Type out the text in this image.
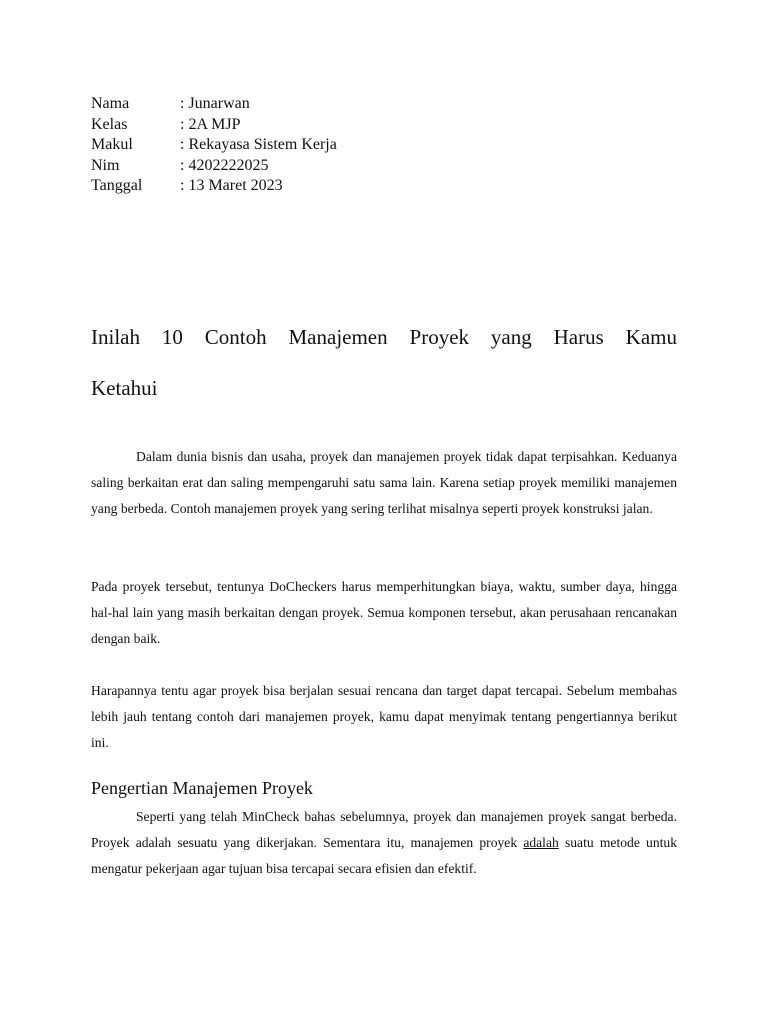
Nama	: Junarwan
Kelas	: 2A MJP
Makul	: Rekayasa Sistem Kerja
Nim	: 4202222025
Tanggal	: 13 Maret 2023
Inilah 10 Contoh Manajemen Proyek yang Harus Kamu Ketahui

Dalam dunia bisnis dan usaha, proyek dan manajemen proyek tidak dapat terpisahkan. Keduanya saling berkaitan erat dan saling mempengaruhi satu sama lain. Karena setiap proyek memiliki manajemen yang berbeda. Contoh manajemen proyek yang sering terlihat misalnya seperti proyek konstruksi jalan.

Pada proyek tersebut, tentunya DoCheckers harus memperhitungkan biaya, waktu, sumber daya, hingga hal-hal lain yang masih berkaitan dengan proyek. Semua komponen tersebut, akan perusahaan rencanakan dengan baik.

Harapannya tentu agar proyek bisa berjalan sesuai rencana dan target dapat tercapai. Sebelum membahas lebih jauh tentang contoh dari manajemen proyek, kamu dapat menyimak tentang pengertiannya berikut ini.

Pengertian Manajemen Proyek

Seperti yang telah MinCheck bahas sebelumnya, proyek dan manajemen proyek sangat berbeda. Proyek adalah sesuatu yang dikerjakan. Sementara itu, manajemen proyek adalah suatu metode untuk mengatur pekerjaan agar tujuan bisa tercapai secara efisien dan efektif.
